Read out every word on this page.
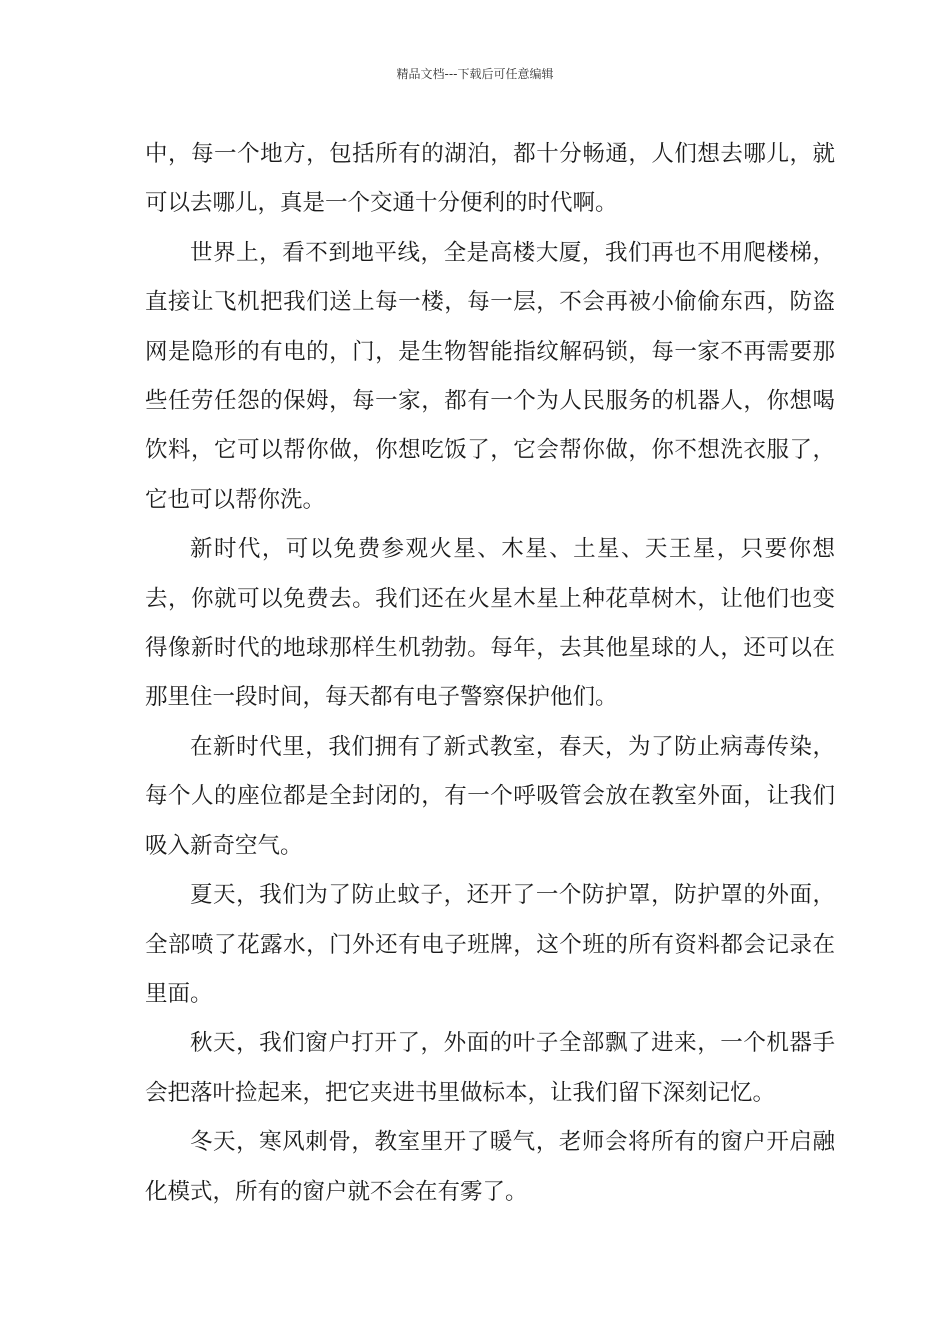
精品文档---下载后可任意编辑

中，每一个地方，包括所有的湖泊，都十分畅通，人们想去哪儿，就可以去哪儿，真是一个交通十分便利的时代啊。

世界上，看不到地平线，全是高楼大厦，我们再也不用爬楼梯，直接让飞机把我们送上每一楼，每一层，不会再被小偷偷东西，防盗网是隐形的有电的，门，是生物智能指纹解码锁，每一家不再需要那些任劳任怨的保姆，每一家，都有一个为人民服务的机器人，你想喝饮料，它可以帮你做，你想吃饭了，它会帮你做，你不想洗衣服了，它也可以帮你洗。

新时代，可以免费参观火星、木星、土星、天王星，只要你想去，你就可以免费去。我们还在火星木星上种花草树木，让他们也变得像新时代的地球那样生机勃勃。每年，去其他星球的人，还可以在那里住一段时间，每天都有电子警察保护他们。

在新时代里，我们拥有了新式教室，春天，为了防止病毒传染，每个人的座位都是全封闭的，有一个呼吸管会放在教室外面，让我们吸入新奇空气。

夏天，我们为了防止蚊子，还开了一个防护罩，防护罩的外面，全部喷了花露水，门外还有电子班牌，这个班的所有资料都会记录在里面。

秋天，我们窗户打开了，外面的叶子全部飘了进来，一个机器手会把落叶捡起来，把它夹进书里做标本，让我们留下深刻记忆。

冬天，寒风刺骨，教室里开了暖气，老师会将所有的窗户开启融化模式，所有的窗户就不会在有雾了。
